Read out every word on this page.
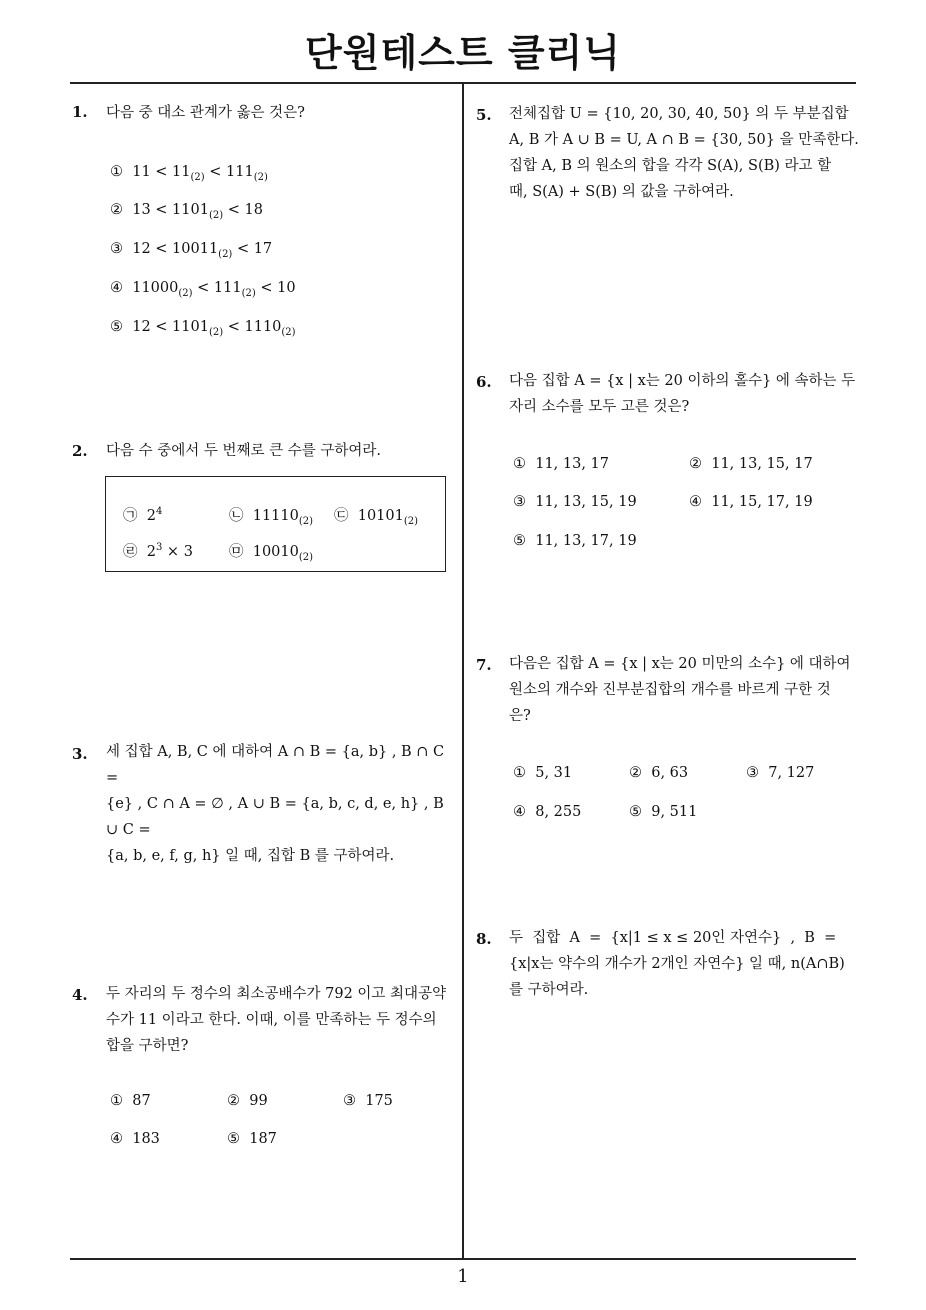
단원테스트 클리닉
1
1. 다음 중 대소 관계가 옳은 것은?
① $11 < 11_{(2)} < 111_{(2)}$
② $13 < 1101_{(2)} < 18$
③ $12 < 10011_{(2)} < 17$
④ $11000_{(2)} < 111_{(2)} < 10$
⑤ $12 < 1101_{(2)} < 1110_{(2)}$
2. 다음 수 중에서 두 번째로 큰 수를 구하여라.
㉠ $2^4$	㉡ $11110_{(2)}$ ㉢ $10101_{(2)}$
㉣ $2^3 \times 3$ ㉤ $10010_{(2)}$
3. 세 집합 A, B, C 에 대하여 A ∩ B = {a, b} , B ∩ C =
{e} , C ∩ A = ∅ , A ∪ B = {a, b, c, d, e, h} , B ∪ C =
{a, b, e, f, g, h} 일 때, 집합 B 를 구하여라.
4. 두 자리의 두 정수의 최소공배수가 792 이고 최대공약
수가 11 이라고 한다. 이때, 이를 만족하는 두 정수의
합을 구하면?
① 87	② 99	③ 175
④ 183	⑤ 187
5. 전체집합 U = {10, 20, 30, 40, 50} 의 두 부분집합
A, B 가 A ∪ B = U, A ∩ B = {30, 50} 을 만족한다.
집합 A, B 의 원소의 합을 각각 S(A), S(B) 라고 할
때, S(A) + S(B) 의 값을 구하여라.
6. 다음 집합 A = {x | x는 20 이하의 홀수} 에 속하는 두
자리 소수를 모두 고른 것은?
① 11, 13, 17	② 11, 13, 15, 17
③ 11, 13, 15, 19	④ 11, 15, 17, 19
⑤ 11, 13, 17, 19
7. 다음은 집합 A = {x | x는 20 미만의 소수} 에 대하여
원소의 개수와 진부분집합의 개수를 바르게 구한 것
은?
① 5, 31	② 6, 63	③ 7, 127
④ 8, 255	⑤ 9, 511
8. 두  집합  A  =  {x|1 ≤ x ≤ 20인 자연수}  ,  B  =
{x|x는 약수의 개수가 2개인 자연수} 일 때, n(A∩B)
를 구하여라.
